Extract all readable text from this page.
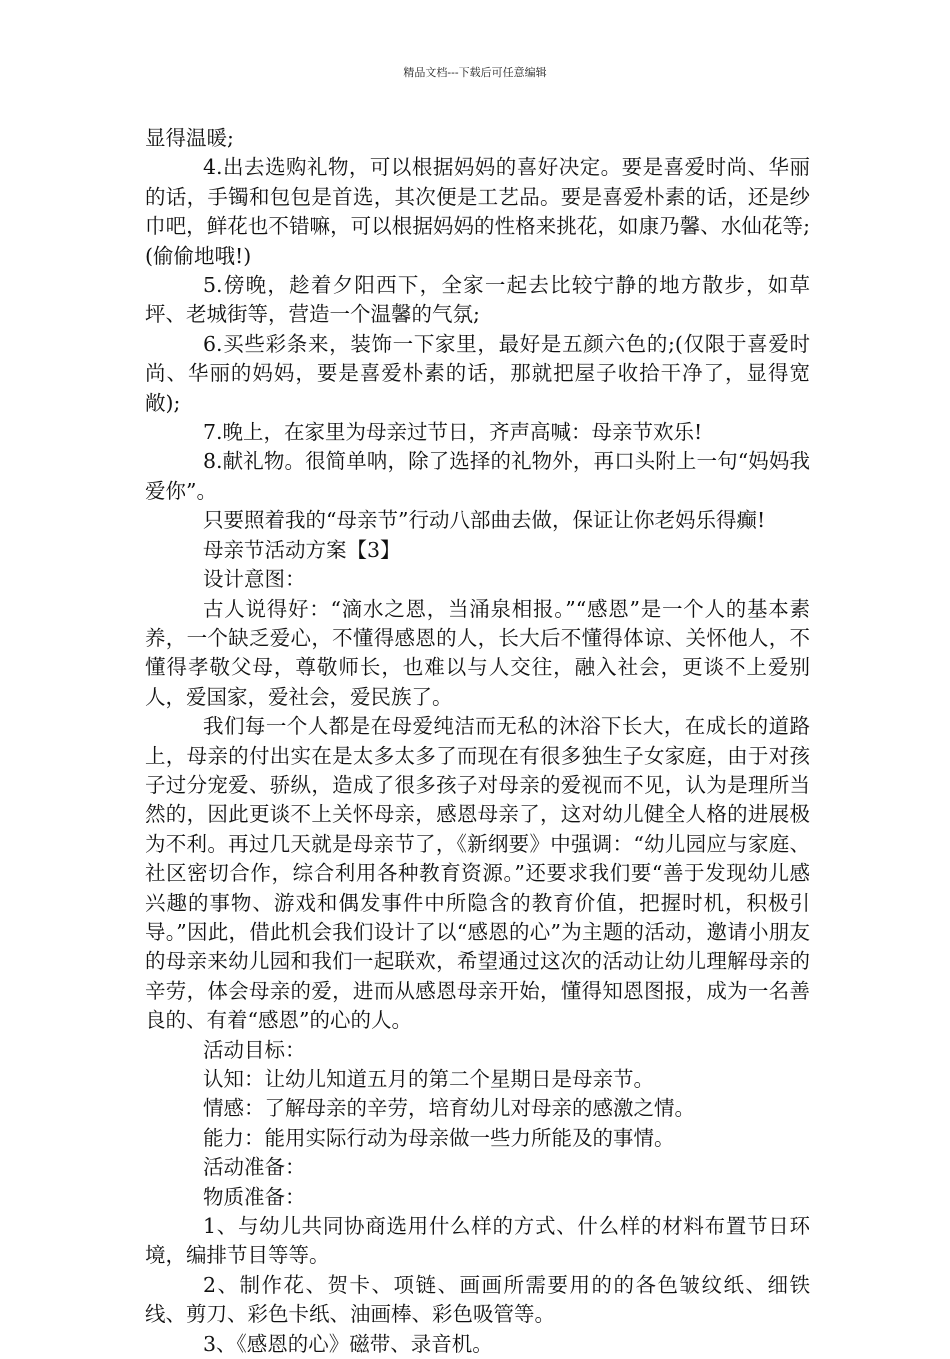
精品文档---下载后可任意编辑

显得温暖;

4.出去选购礼物，可以根据妈妈的喜好决定。要是喜爱时尚、华丽的话，手镯和包包是首选，其次便是工艺品。要是喜爱朴素的话，还是纱巾吧，鲜花也不错嘛，可以根据妈妈的性格来挑花，如康乃馨、水仙花等;(偷偷地哦!)

5.傍晚，趁着夕阳西下，全家一起去比较宁静的地方散步，如草坪、老城街等，营造一个温馨的气氛;

6.买些彩条来，装饰一下家里，最好是五颜六色的;(仅限于喜爱时尚、华丽的妈妈，要是喜爱朴素的话，那就把屋子收拾干净了，显得宽敞);

7.晚上，在家里为母亲过节日，齐声高喊：母亲节欢乐!

8.献礼物。很简单呐，除了选择的礼物外，再口头附上一句“妈妈我爱你”。

只要照着我的“母亲节”行动八部曲去做，保证让你老妈乐得癫!

母亲节活动方案【3】

设计意图：

古人说得好：“滴水之恩，当涌泉相报。”“感恩”是一个人的基本素养，一个缺乏爱心，不懂得感恩的人，长大后不懂得体谅、关怀他人，不懂得孝敬父母，尊敬师长，也难以与人交往，融入社会，更谈不上爱别人，爱国家，爱社会，爱民族了。

我们每一个人都是在母爱纯洁而无私的沐浴下长大，在成长的道路上，母亲的付出实在是太多太多了而现在有很多独生子女家庭，由于对孩子过分宠爱、骄纵，造成了很多孩子对母亲的爱视而不见，认为是理所当然的，因此更谈不上关怀母亲，感恩母亲了，这对幼儿健全人格的进展极为不利。再过几天就是母亲节了，《新纲要》中强调：“幼儿园应与家庭、社区密切合作，综合利用各种教育资源。”还要求我们要“善于发现幼儿感兴趣的事物、游戏和偶发事件中所隐含的教育价值，把握时机，积极引导。”因此，借此机会我们设计了以“感恩的心”为主题的活动，邀请小朋友的母亲来幼儿园和我们一起联欢，希望通过这次的活动让幼儿理解母亲的辛劳，体会母亲的爱，进而从感恩母亲开始，懂得知恩图报，成为一名善良的、有着“感恩”的心的人。

活动目标：

认知：让幼儿知道五月的第二个星期日是母亲节。

情感：了解母亲的辛劳，培育幼儿对母亲的感激之情。

能力：能用实际行动为母亲做一些力所能及的事情。

活动准备：

物质准备：

1、与幼儿共同协商选用什么样的方式、什么样的材料布置节日环境，编排节目等等。

2、制作花、贺卡、项链、画画所需要用的的各色皱纹纸、细铁线、剪刀、彩色卡纸、油画棒、彩色吸管等。

3、《感恩的心》磁带、录音机。
